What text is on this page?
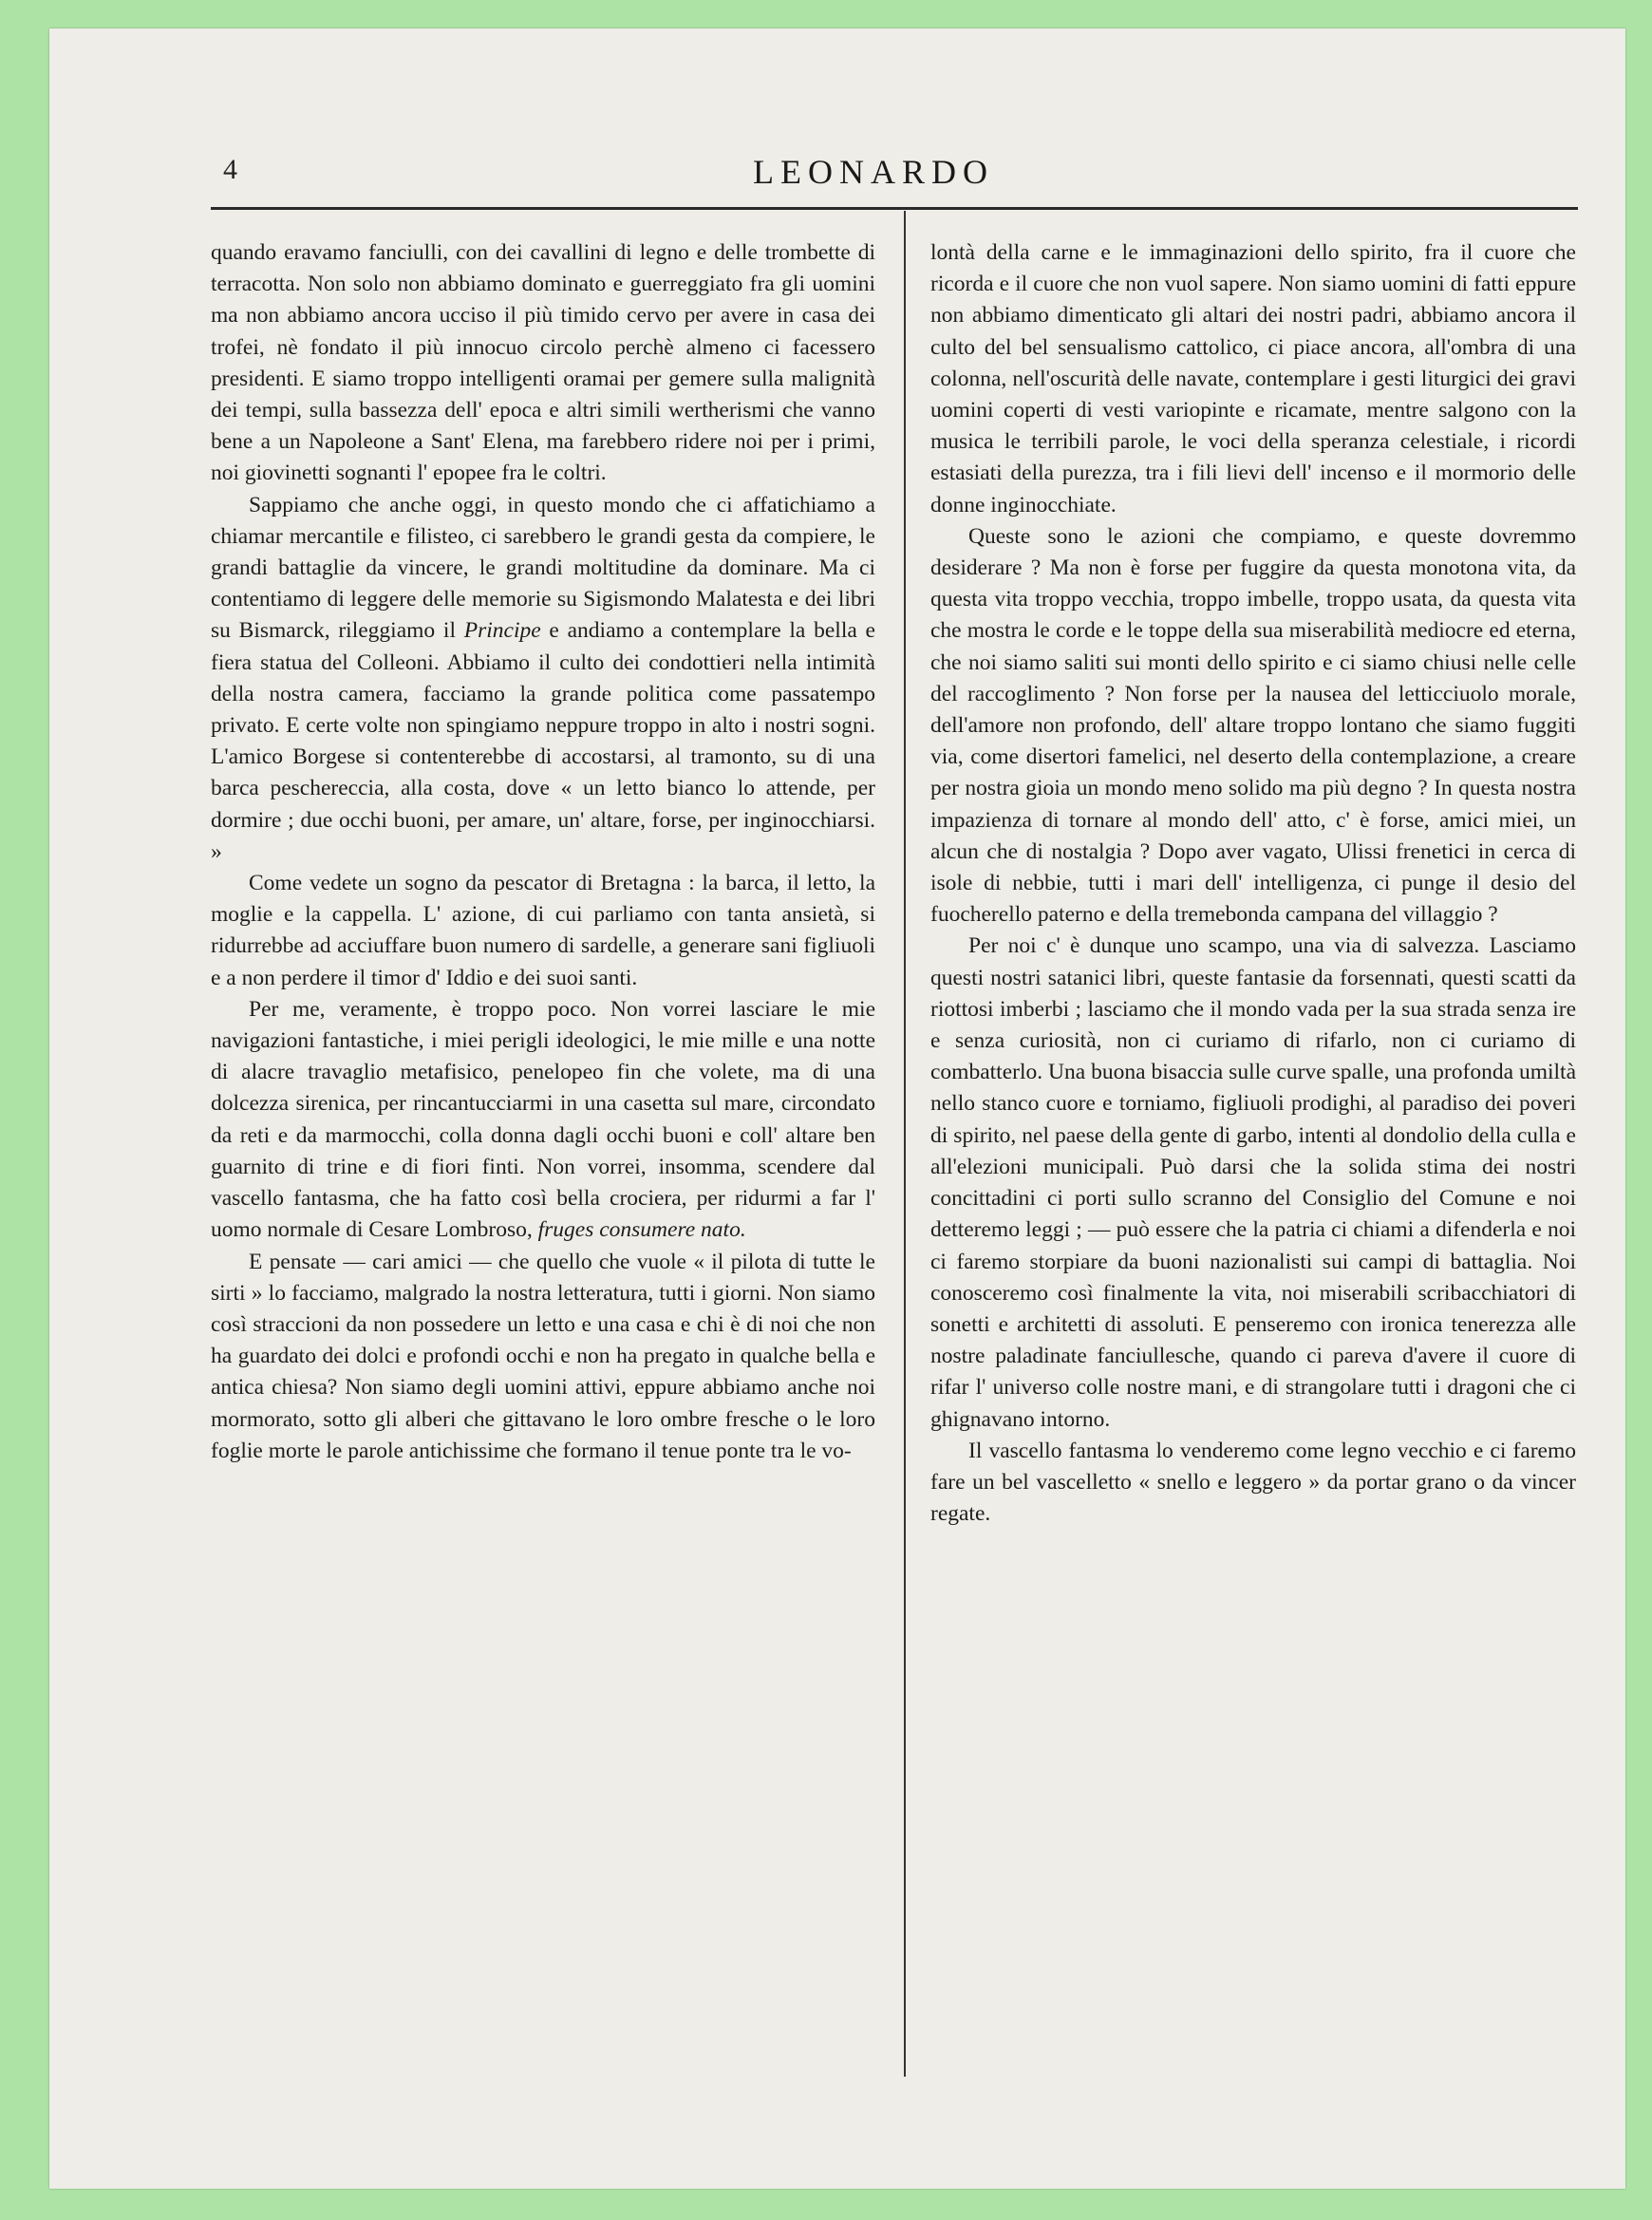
4	LEONARDO

quando eravamo fanciulli, con dei cavallini di legno e delle trombette di terracotta. Non solo non abbiamo dominato e guerreggiato fra gli uomini ma non abbiamo ancora ucciso il più timido cervo per avere in casa dei trofei, nè fondato il più innocuo circolo perchè almeno ci facessero presidenti. E siamo troppo intelligenti oramai per gemere sulla malignità dei tempi, sulla bassezza dell' epoca e altri simili wertherismi che vanno bene a un Napoleone a Sant' Elena, ma farebbero ridere noi per i primi, noi giovinetti sognanti l' epopee fra le coltri.

Sappiamo che anche oggi, in questo mondo che ci affatichiamo a chiamar mercantile e filisteo, ci sarebbero le grandi gesta da compiere, le grandi battaglie da vincere, le grandi moltitudine da dominare. Ma ci contentiamo di leggere delle memorie su Sigismondo Malatesta e dei libri su Bismarck, rileggiamo il Principe e andiamo a contemplare la bella e fiera statua del Colleoni. Abbiamo il culto dei condottieri nella intimità della nostra camera, facciamo la grande politica come passatempo privato. E certe volte non spingiamo neppure troppo in alto i nostri sogni. L'amico Borgese si contenterebbe di accostarsi, al tramonto, su di una barca peschereccia, alla costa, dove « un letto bianco lo attende, per dormire ; due occhi buoni, per amare, un' altare, forse, per inginocchiarsi. »

Come vedete un sogno da pescator di Bretagna : la barca, il letto, la moglie e la cappella. L' azione, di cui parliamo con tanta ansietà, si ridurrebbe ad acciuffare buon numero di sardelle, a generare sani figliuoli e a non perdere il timor d' Iddio e dei suoi santi.

Per me, veramente, è troppo poco. Non vorrei lasciare le mie navigazioni fantastiche, i miei perigli ideologici, le mie mille e una notte di alacre travaglio metafisico, penelopeo fin che volete, ma di una dolcezza sirenica, per rincantucciarmi in una casetta sul mare, circondato da reti e da marmocchi, colla donna dagli occhi buoni e coll' altare ben guarnito di trine e di fiori finti. Non vorrei, insomma, scendere dal vascello fantasma, che ha fatto così bella crociera, per ridurmi a far l' uomo normale di Cesare Lombroso, fruges consumere nato.

E pensate — cari amici — che quello che vuole « il pilota di tutte le sirti » lo facciamo, malgrado la nostra letteratura, tutti i giorni. Non siamo così straccioni da non possedere un letto e una casa e chi è di noi che non ha guardato dei dolci e profondi occhi e non ha pregato in qualche bella e antica chiesa? Non siamo degli uomini attivi, eppure abbiamo anche noi mormorato, sotto gli alberi che gittavano le loro ombre fresche o le loro foglie morte le parole antichissime che formano il tenue ponte tra le vo-

lontà della carne e le immaginazioni dello spirito, fra il cuore che ricorda e il cuore che non vuol sapere. Non siamo uomini di fatti eppure non abbiamo dimenticato gli altari dei nostri padri, abbiamo ancora il culto del bel sensualismo cattolico, ci piace ancora, all'ombra di una colonna, nell'oscurità delle navate, contemplare i gesti liturgici dei gravi uomini coperti di vesti variopinte e ricamate, mentre salgono con la musica le terribili parole, le voci della speranza celestiale, i ricordi estasiati della purezza, tra i fili lievi dell' incenso e il mormorio delle donne inginocchiate.

Queste sono le azioni che compiamo, e queste dovremmo desiderare ? Ma non è forse per fuggire da questa monotona vita, da questa vita troppo vecchia, troppo imbelle, troppo usata, da questa vita che mostra le corde e le toppe della sua miserabilità mediocre ed eterna, che noi siamo saliti sui monti dello spirito e ci siamo chiusi nelle celle del raccoglimento ? Non forse per la nausea del letticciuolo morale, dell'amore non profondo, dell' altare troppo lontano che siamo fuggiti via, come disertori famelici, nel deserto della contemplazione, a creare per nostra gioia un mondo meno solido ma più degno ? In questa nostra impazienza di tornare al mondo dell' atto, c' è forse, amici miei, un alcun che di nostalgia ? Dopo aver vagato, Ulissi frenetici in cerca di isole di nebbie, tutti i mari dell' intelligenza, ci punge il desio del fuocherello paterno e della tremebonda campana del villaggio ?

Per noi c' è dunque uno scampo, una via di salvezza. Lasciamo questi nostri satanici libri, queste fantasie da forsennati, questi scatti da riottosi imberbi ; lasciamo che il mondo vada per la sua strada senza ire e senza curiosità, non ci curiamo di rifarlo, non ci curiamo di combatterlo. Una buona bisaccia sulle curve spalle, una profonda umiltà nello stanco cuore e torniamo, figliuoli prodighi, al paradiso dei poveri di spirito, nel paese della gente di garbo, intenti al dondolio della culla e all'elezioni municipali. Può darsi che la solida stima dei nostri concittadini ci porti sullo scranno del Consiglio del Comune e noi detteremo leggi ; — può essere che la patria ci chiami a difenderla e noi ci faremo storpiare da buoni nazionalisti sui campi di battaglia. Noi conosceremo così finalmente la vita, noi miserabili scribacchiatori di sonetti e architetti di assoluti. E penseremo con ironica tenerezza alle nostre paladinate fanciullesche, quando ci pareva d'avere il cuore di rifar l' universo colle nostre mani, e di strangolare tutti i dragoni che ci ghignavano intorno.

Il vascello fantasma lo venderemo come legno vecchio e ci faremo fare un bel vascelletto « snello e leggero » da portar grano o da vincer regate.
